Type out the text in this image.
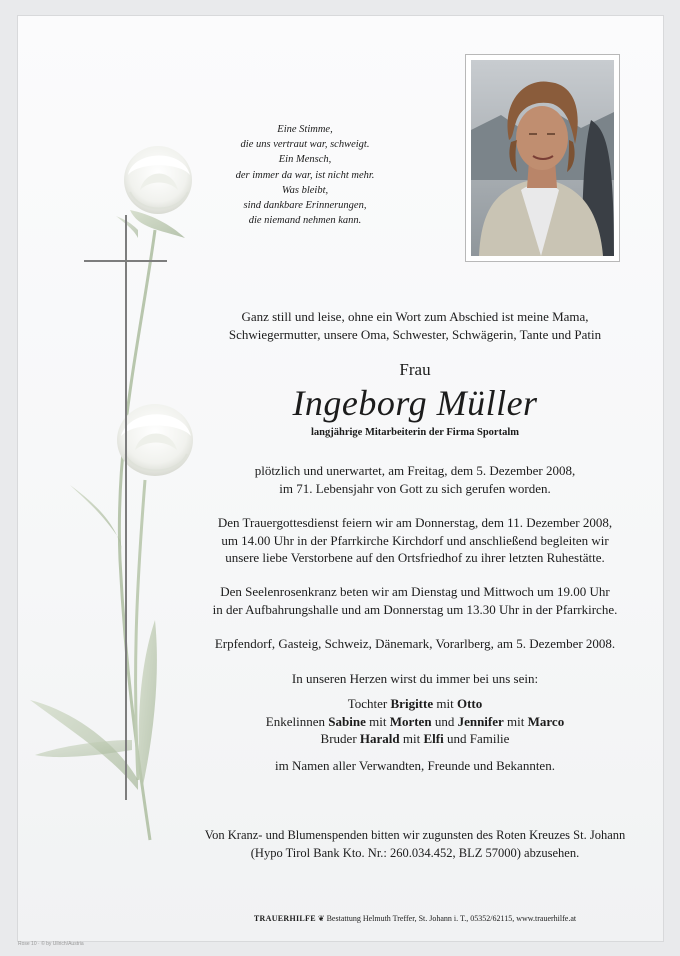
Eine Stimme,
die uns vertraut war, schweigt.
Ein Mensch,
der immer da war, ist nicht mehr.
Was bleibt,
sind dankbare Erinnerungen,
die niemand nehmen kann.
Ganz still und leise, ohne ein Wort zum Abschied ist meine Mama,
Schwiegermutter, unsere Oma, Schwester, Schwägerin, Tante und Patin
Frau
Ingeborg Müller
langjährige Mitarbeiterin der Firma Sportalm
plötzlich und unerwartet, am Freitag, dem 5. Dezember 2008,
im 71. Lebensjahr von Gott zu sich gerufen worden.
Den Trauergottesdienst feiern wir am Donnerstag, dem 11. Dezember 2008,
um 14.00 Uhr in der Pfarrkirche Kirchdorf und anschließend begleiten wir
unsere liebe Verstorbene auf den Ortsfriedhof zu ihrer letzten Ruhestätte.
Den Seelenrosenkranz beten wir am Dienstag und Mittwoch um 19.00 Uhr
in der Aufbahrungshalle und am Donnerstag um 13.30 Uhr in der Pfarrkirche.
Erpfendorf, Gasteig, Schweiz, Dänemark, Vorarlberg, am 5. Dezember 2008.
In unseren Herzen wirst du immer bei uns sein:
Tochter Brigitte mit Otto
Enkelinnen Sabine mit Morten und Jennifer mit Marco
Bruder Harald mit Elfi und Familie
im Namen aller Verwandten, Freunde und Bekannten.
Von Kranz- und Blumenspenden bitten wir zugunsten des Roten Kreuzes St. Johann
(Hypo Tirol Bank Kto. Nr.: 260.034.452, BLZ 57000) abzusehen.
TRAUERHILFE ❦ Bestattung Helmuth Treffer, St. Johann i. T., 05352/62115, www.trauerhilfe.at
Rose 10 · © by Ullrich/Austria
